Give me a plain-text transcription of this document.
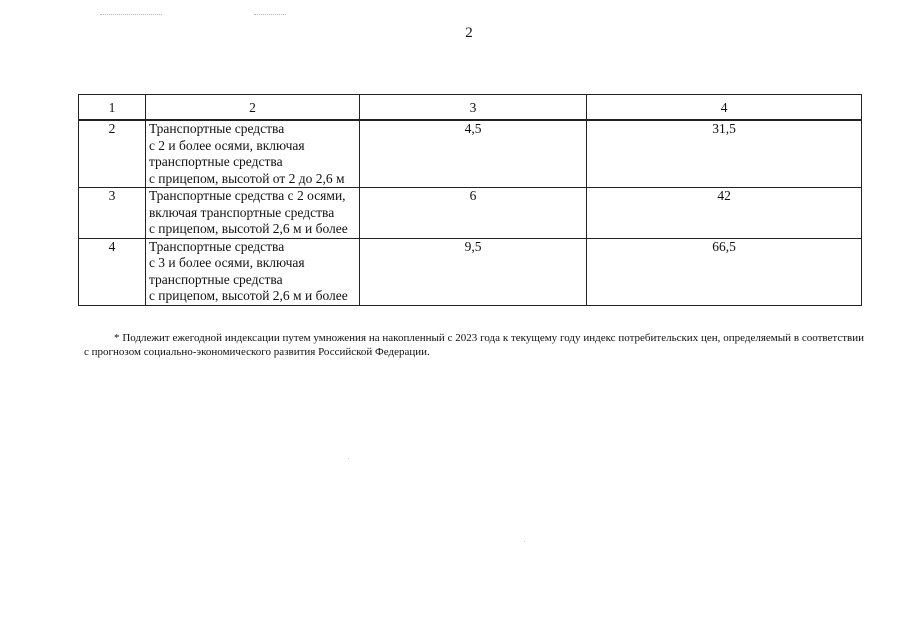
2
1	2	3	4
2	Транспортные средства
с 2 и более осями, включая
транспортные средства
с прицепом, высотой от 2 до 2,6 м	4,5	31,5
3	Транспортные средства с 2 осями,
включая транспортные средства
с прицепом, высотой 2,6 м и более	6	42
4	Транспортные средства
с 3 и более осями, включая
транспортные средства
с прицепом, высотой 2,6 м и более	9,5	66,5

* Подлежит ежегодной индексации путем умножения на накопленный с 2023 года к текущему году индекс потребительских цен, определяемый в соответствии с прогнозом социально-экономического развития Российской Федерации.
